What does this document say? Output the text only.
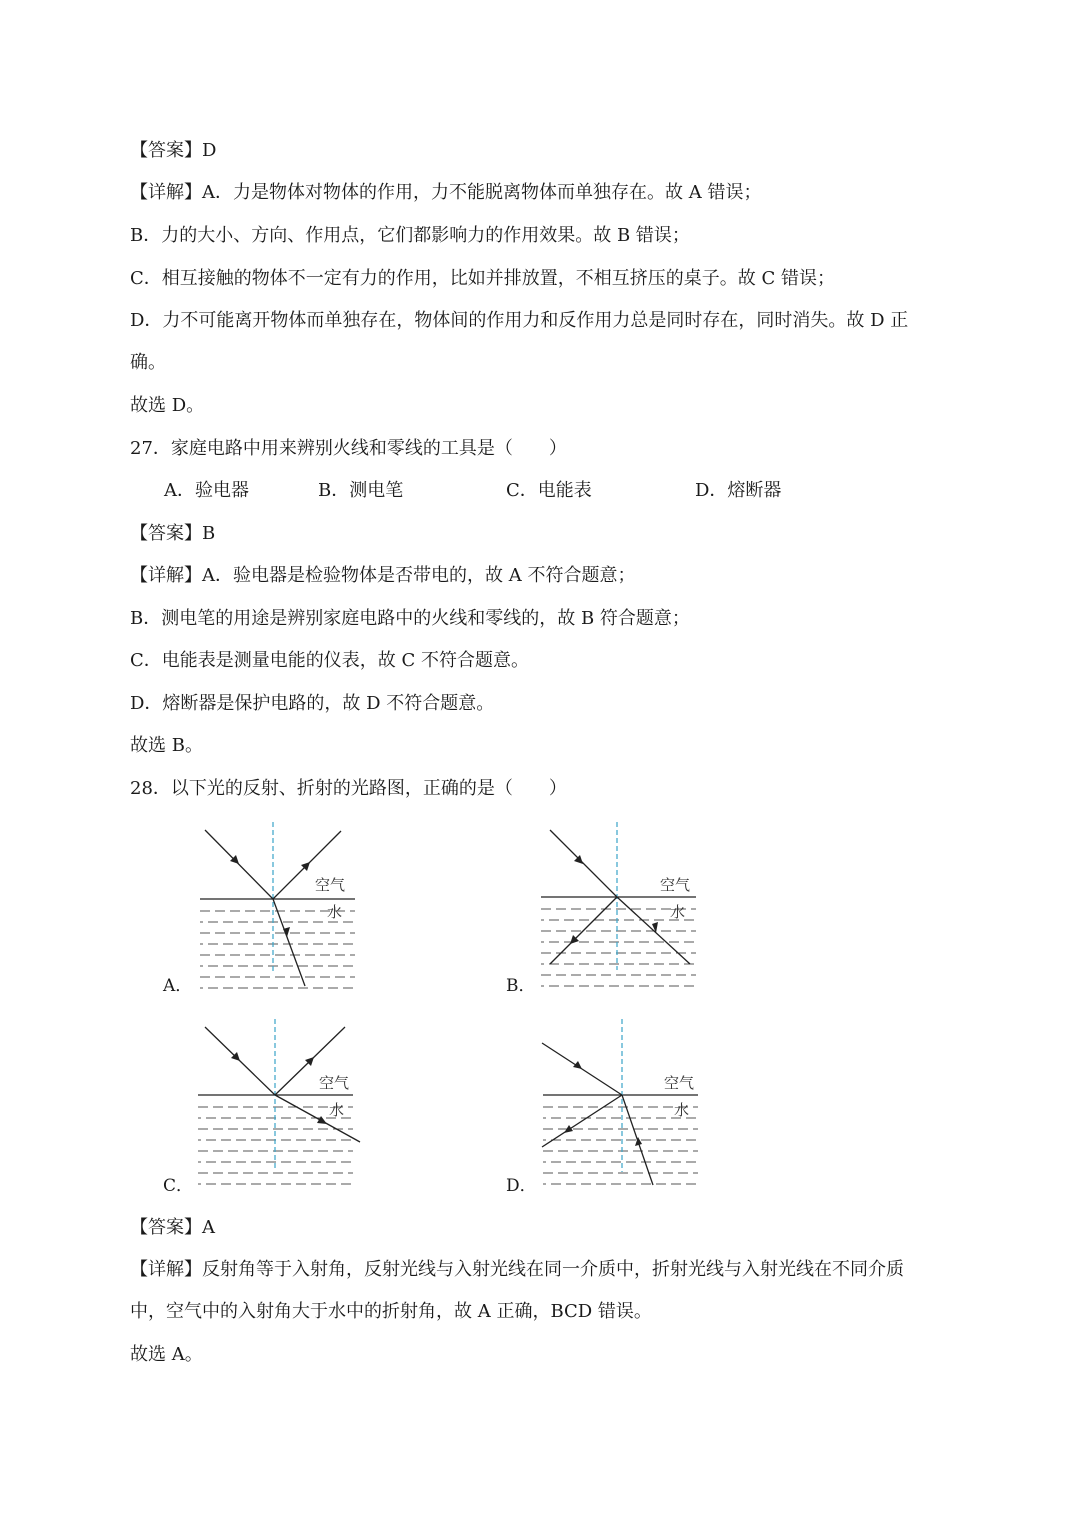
【答案】D
【详解】A．力是物体对物体的作用，力不能脱离物体而单独存在。故 A 错误；
B．力的大小、方向、作用点，它们都影响力的作用效果。故 B 错误；
C．相互接触的物体不一定有力的作用，比如并排放置，不相互挤压的桌子。故 C 错误；
D．力不可能离开物体而单独存在，物体间的作用力和反作用力总是同时存在，同时消失。故 D 正
确。
故选 D。
27．家庭电路中用来辨别火线和零线的工具是（　　）
A．验电器	B．测电笔	C．电能表	D．熔断器
【答案】B
【详解】A．验电器是检验物体是否带电的，故 A 不符合题意；
B．测电笔的用途是辨别家庭电路中的火线和零线的，故 B 符合题意；
C．电能表是测量电能的仪表，故 C 不符合题意。
D．熔断器是保护电路的，故 D 不符合题意。
故选 B。
28．以下光的反射、折射的光路图，正确的是（　　）
A．
空气
水
B．
空气
水
C．
空气
水
D．
空气
水
【答案】A
【详解】反射角等于入射角，反射光线与入射光线在同一介质中，折射光线与入射光线在不同介质
中，空气中的入射角大于水中的折射角，故 A 正确，BCD 错误。
故选 A。
